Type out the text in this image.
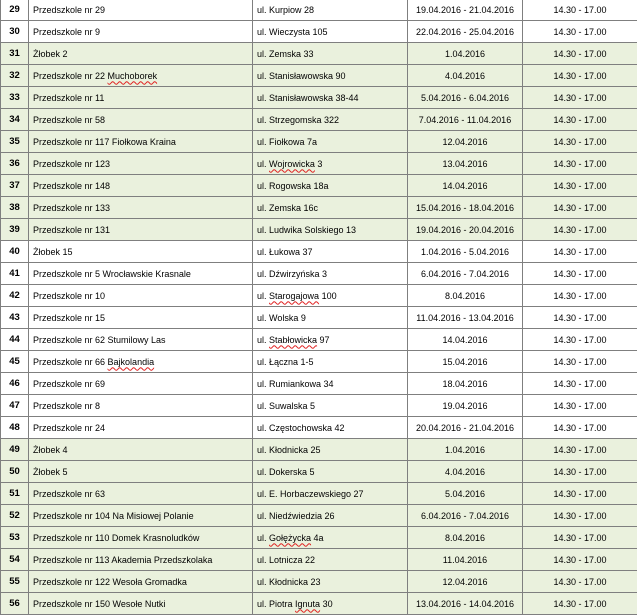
29	Przedszkole nr 29	ul. Kurpiow 28	19.04.2016 - 21.04.2016	14.30 - 17.00
30	Przedszkole nr 9	ul. Wieczysta 105	22.04.2016 - 25.04.2016	14.30 - 17.00
31	Żłobek 2	ul. Zemska 33	1.04.2016	14.30 - 17.00
32	Przedszkole nr 22 Muchoborek	ul. Stanisławowska 90	4.04.2016	14.30 - 17.00
33	Przedszkole nr 11	ul. Stanisławowska 38-44	5.04.2016 - 6.04.2016	14.30 - 17.00
34	Przedszkole nr 58	ul. Strzegomska 322	7.04.2016 - 11.04.2016	14.30 - 17.00
35	Przedszkole nr 117 Fiołkowa Kraina	ul. Fiołkowa 7a	12.04.2016	14.30 - 17.00
36	Przedszkole nr 123	ul. Wojrowicka 3	13.04.2016	14.30 - 17.00
37	Przedszkole nr 148	ul. Rogowska 18a	14.04.2016	14.30 - 17.00
38	Przedszkole nr 133	ul. Zemska 16c	15.04.2016 - 18.04.2016	14.30 - 17.00
39	Przedszkole nr 131	ul. Ludwika Solskiego 13	19.04.2016 - 20.04.2016	14.30 - 17.00
40	Żłobek 15	ul. Łukowa 37	1.04.2016 - 5.04.2016	14.30 - 17.00
41	Przedszkole nr 5 Wrocławskie Krasnale	ul. Dźwirzyńska 3	6.04.2016 - 7.04.2016	14.30 - 17.00
42	Przedszkole nr 10	ul. Starogajowa 100	8.04.2016	14.30 - 17.00
43	Przedszkole nr 15	ul. Wolska 9	11.04.2016 - 13.04.2016	14.30 - 17.00
44	Przedszkole nr 62 Stumilowy Las	ul. Stabłowicka 97	14.04.2016	14.30 - 17.00
45	Przedszkole nr 66 Bajkolandia	ul. Łączna 1-5	15.04.2016	14.30 - 17.00
46	Przedszkole nr 69	ul. Rumiankowa 34	18.04.2016	14.30 - 17.00
47	Przedszkole nr 8	ul. Suwalska 5	19.04.2016	14.30 - 17.00
48	Przedszkole nr 24	ul. Częstochowska 42	20.04.2016 - 21.04.2016	14.30 - 17.00
49	Żłobek 4	ul. Kłodnicka 25	1.04.2016	14.30 - 17.00
50	Żłobek 5	ul. Dokerska 5	4.04.2016	14.30 - 17.00
51	Przedszkole nr 63	ul. E. Horbaczewskiego 27	5.04.2016	14.30 - 17.00
52	Przedszkole nr 104 Na Misiowej Polanie	ul. Niedźwiedzia 26	6.04.2016 - 7.04.2016	14.30 - 17.00
53	Przedszkole nr 110 Domek Krasnoludków	ul. Gołężycka 4a	8.04.2016	14.30 - 17.00
54	Przedszkole nr 113 Akademia Przedszkolaka	ul. Lotnicza 22	11.04.2016	14.30 - 17.00
55	Przedszkole nr 122 Wesoła Gromadka	ul. Kłodnicka 23	12.04.2016	14.30 - 17.00
56	Przedszkole nr 150 Wesołe Nutki	ul. Piotra Ignuta 30	13.04.2016 - 14.04.2016	14.30 - 17.00
